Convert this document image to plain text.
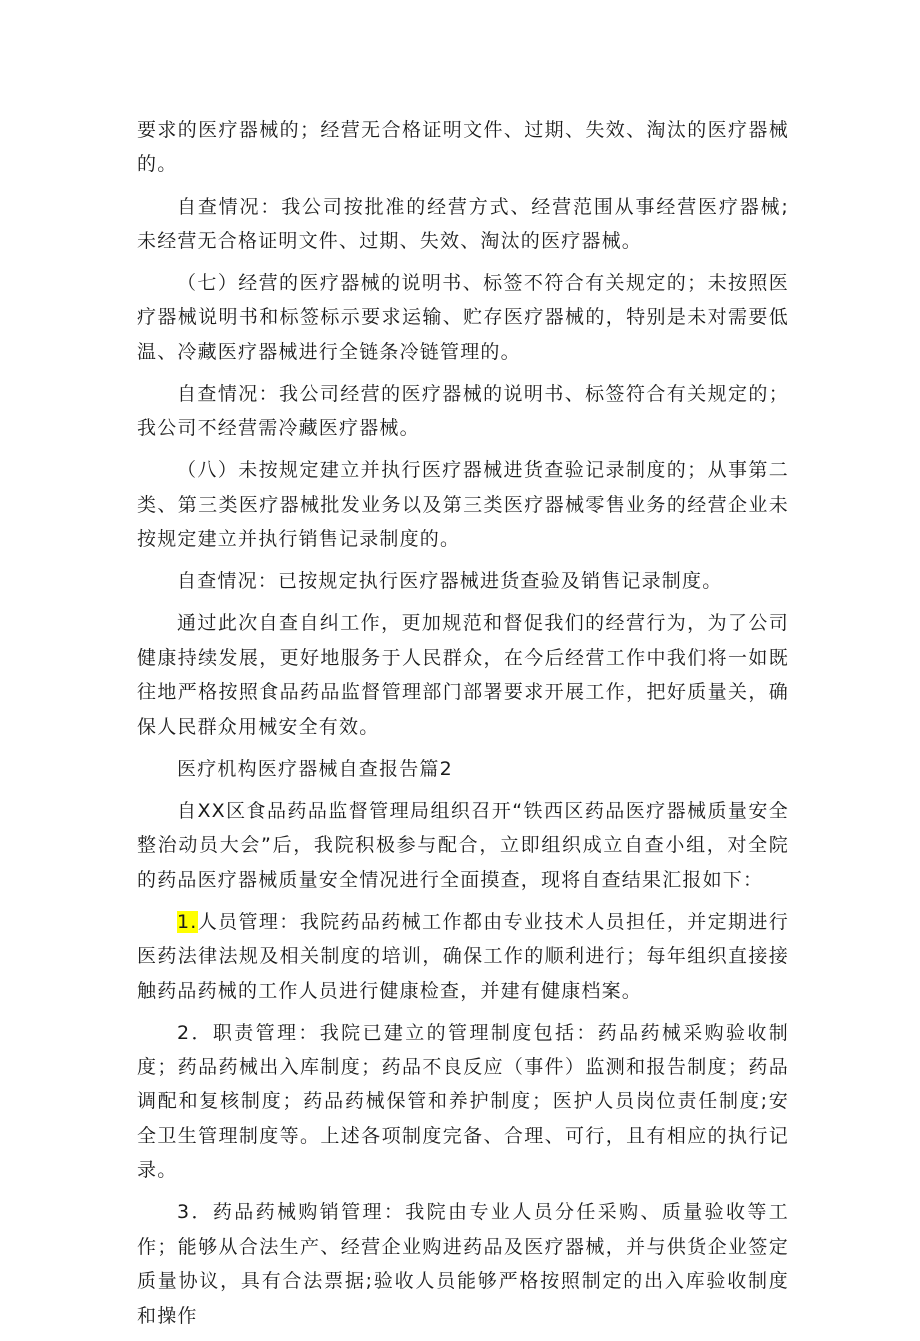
要求的医疗器械的；经营无合格证明文件、过期、失效、淘汰的医疗器械的。

自查情况：我公司按批准的经营方式、经营范围从事经营医疗器械;未经营无合格证明文件、过期、失效、淘汰的医疗器械。

（七）经营的医疗器械的说明书、标签不符合有关规定的；未按照医疗器械说明书和标签标示要求运输、贮存医疗器械的，特别是未对需要低温、冷藏医疗器械进行全链条冷链管理的。

自查情况：我公司经营的医疗器械的说明书、标签符合有关规定的；我公司不经营需冷藏医疗器械。

（八）未按规定建立并执行医疗器械进货查验记录制度的；从事第二类、第三类医疗器械批发业务以及第三类医疗器械零售业务的经营企业未按规定建立并执行销售记录制度的。

自查情况：已按规定执行医疗器械进货查验及销售记录制度。

通过此次自查自纠工作，更加规范和督促我们的经营行为，为了公司健康持续发展，更好地服务于人民群众，在今后经营工作中我们将一如既往地严格按照食品药品监督管理部门部署要求开展工作，把好质量关，确保人民群众用械安全有效。

医疗机构医疗器械自查报告篇2

自XX区食品药品监督管理局组织召开“铁西区药品医疗器械质量安全整治动员大会”后，我院积极参与配合，立即组织成立自查小组，对全院的药品医疗器械质量安全情况进行全面摸查，现将自查结果汇报如下：

1.人员管理：我院药品药械工作都由专业技术人员担任，并定期进行医药法律法规及相关制度的培训，确保工作的顺利进行；每年组织直接接触药品药械的工作人员进行健康检查，并建有健康档案。

2．职责管理：我院已建立的管理制度包括：药品药械采购验收制度；药品药械出入库制度；药品不良反应（事件）监测和报告制度；药品调配和复核制度；药品药械保管和养护制度；医护人员岗位责任制度;安全卫生管理制度等。上述各项制度完备、合理、可行，且有相应的执行记录。

3．药品药械购销管理：我院由专业人员分任采购、质量验收等工作；能够从合法生产、经营企业购进药品及医疗器械，并与供货企业签定质量协议，具有合法票据;验收人员能够严格按照制定的出入库验收制度和操作
